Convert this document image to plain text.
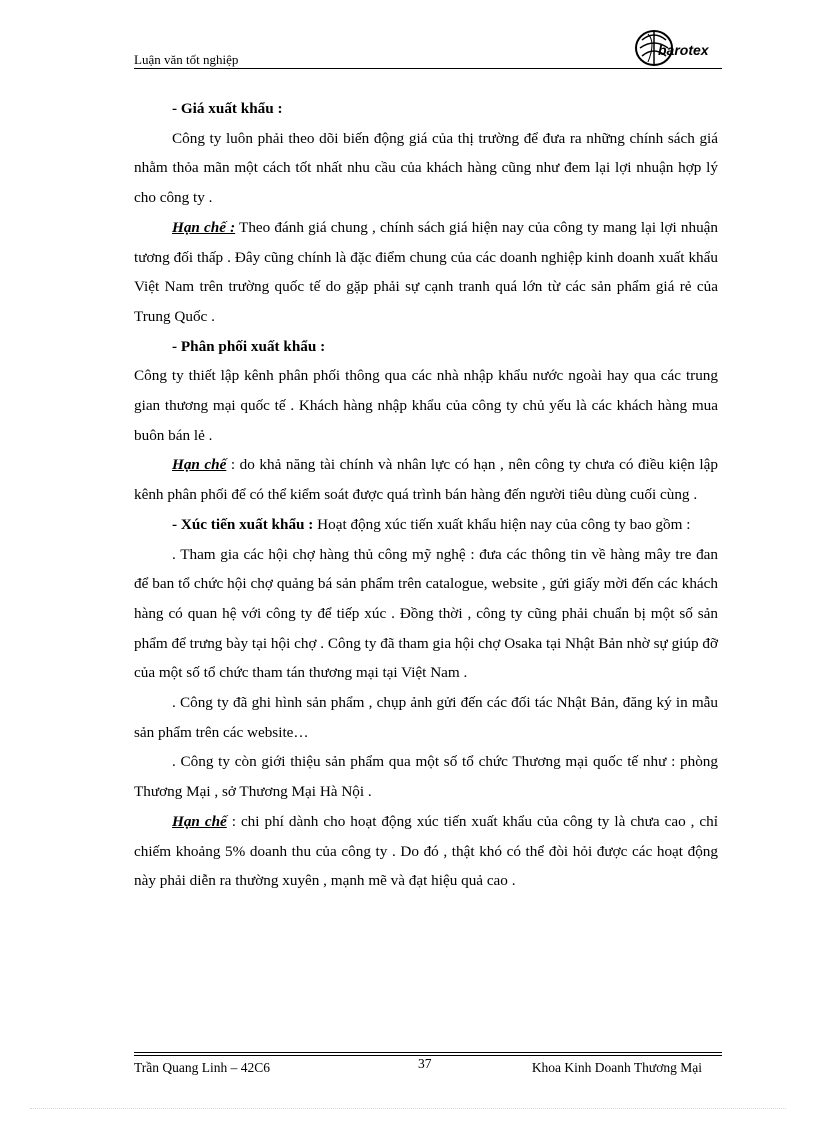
Luận văn tốt nghiệp
barotex

- Giá xuất khẩu :

Công ty luôn phải theo dõi biến động giá của thị trường để đưa ra những chính sách giá nhằm thỏa mãn một cách tốt nhất nhu cầu của khách hàng cũng như đem lại lợi nhuận hợp lý cho công ty .

Hạn chế : Theo đánh giá chung , chính sách giá hiện nay của công ty mang lại lợi nhuận tương đối thấp . Đây cũng chính là đặc điểm chung của các doanh nghiệp kinh doanh xuất khẩu Việt Nam trên trường quốc tế do gặp phải sự cạnh tranh quá lớn từ các sản phẩm giá rẻ của Trung Quốc .

- Phân phối xuất khẩu :

Công ty thiết lập kênh phân phối thông qua các nhà nhập khẩu nước ngoài hay qua các trung gian thương mại quốc tế . Khách hàng nhập khẩu của công ty chủ yếu là các khách hàng mua buôn bán lẻ .

Hạn chế : do khả năng tài chính và nhân lực có hạn , nên công ty chưa có điều kiện lập kênh phân phối để có thể kiểm soát được quá trình bán hàng đến người tiêu dùng cuối cùng .

- Xúc tiến xuất khẩu : Hoạt động xúc tiến xuất khẩu hiện nay của công ty bao gồm :

. Tham gia các hội chợ hàng thủ công mỹ nghệ : đưa các thông tin về hàng mây tre đan để ban tổ chức hội chợ quảng bá sản phẩm trên catalogue, website , gửi giấy mời đến các khách hàng có quan hệ với công ty để tiếp xúc . Đồng thời , công ty cũng phải chuẩn bị một số sản phẩm để trưng bày tại hội chợ . Công ty đã tham gia hội chợ Osaka tại Nhật Bản nhờ sự giúp đỡ của một số tổ chức tham tán thương mại tại Việt Nam .

. Công ty đã ghi hình sản phẩm , chụp ảnh gửi đến các đối tác Nhật Bản, đăng ký in mẫu sản phẩm trên các website…

. Công ty còn giới thiệu sản phẩm qua một số tổ chức Thương mại quốc tế như : phòng Thương Mại , sở Thương Mại Hà Nội .

Hạn chế : chi phí dành cho hoạt động xúc tiến xuất khẩu của công ty là chưa cao , chỉ chiếm khoảng 5% doanh thu của công ty . Do đó , thật khó có thể đòi hỏi được các hoạt động này phải diễn ra thường xuyên , mạnh mẽ và đạt hiệu quả cao .

Trần Quang Linh – 42C6	37	Khoa Kinh Doanh Thương Mại
